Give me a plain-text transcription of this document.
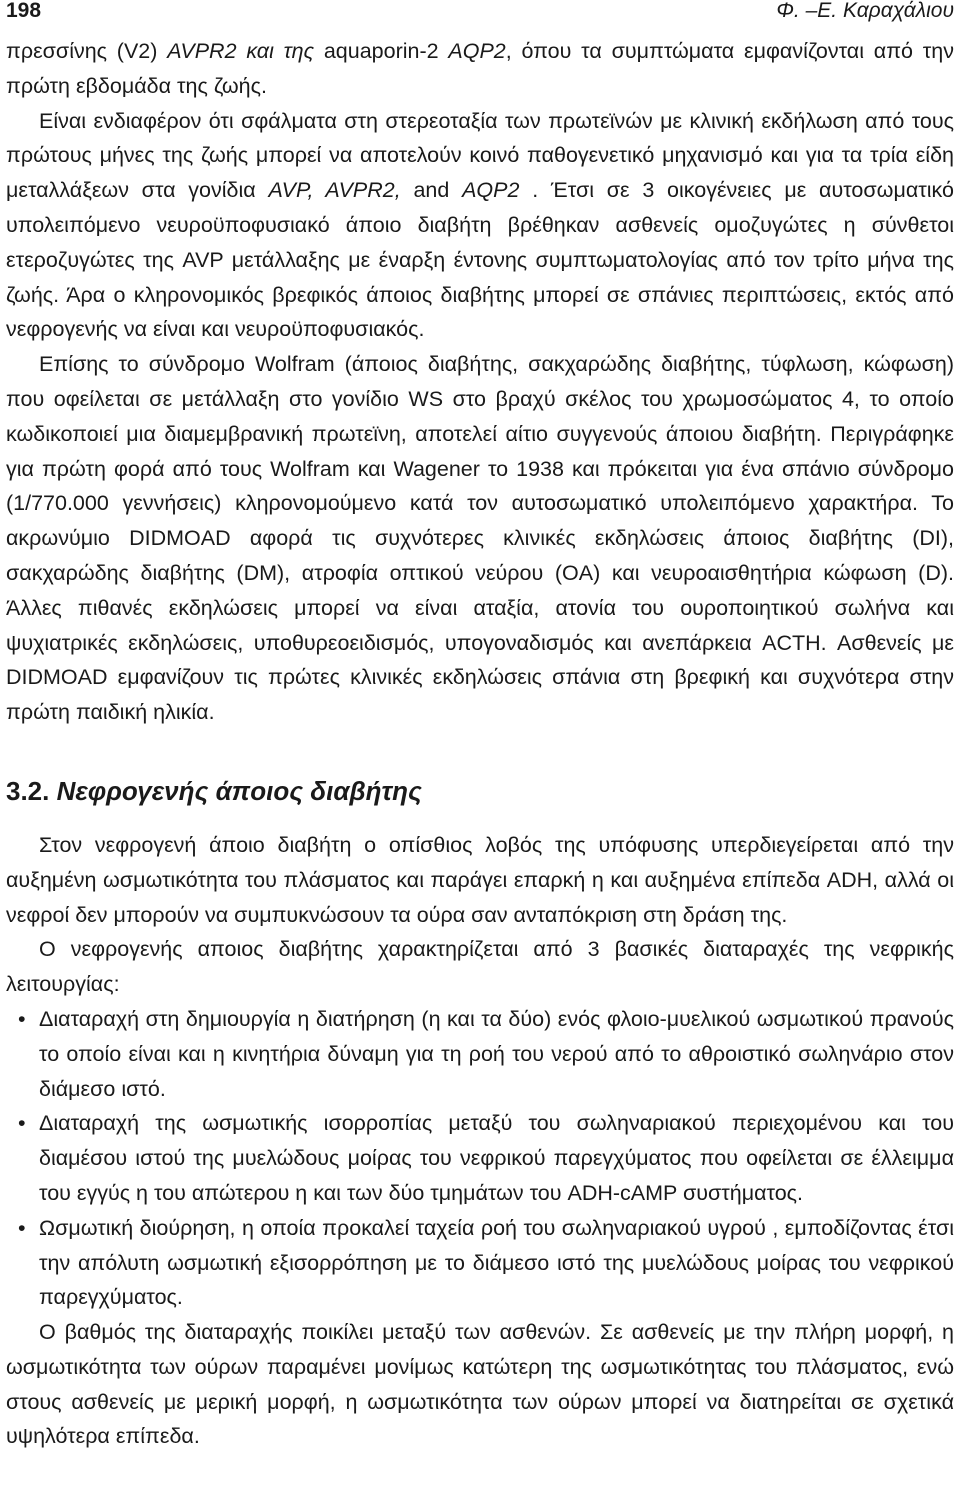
198	Φ. –Ε. Καραχάλιου

πρεσσίνης (V2) AVPR2 και της aquaporin-2 AQP2, όπου τα συμπτώματα εμφανίζονται από την πρώτη εβδομάδα της ζωής.

Είναι ενδιαφέρον ότι σφάλματα στη στερεοταξία των πρωτεϊνών με κλινική εκδήλωση από τους πρώτους μήνες της ζωής μπορεί να αποτελούν κοινό παθογενετικό μηχανισμό και για τα τρία είδη μεταλλάξεων στα γονίδια AVP, AVPR2, and AQP2 . Έτσι σε 3 οικογένειες με αυτοσωματικό υπολειπόμενο νευροϋποφυσιακό άποιο διαβήτη βρέθηκαν ασθενείς ομοζυγώτες η σύνθετοι ετεροζυγώτες της AVP μετάλλαξης με έναρξη έντονης συμπτωματολογίας από τον τρίτο μήνα της ζωής. Άρα ο κληρονομικός βρεφικός άποιος διαβήτης μπορεί σε σπάνιες περιπτώσεις, εκτός από νεφρογενής να είναι και νευροϋποφυσιακός.

Επίσης το σύνδρομο Wolfram (άποιος διαβήτης, σακχαρώδης διαβήτης, τύφλωση, κώφωση) που οφείλεται σε μετάλλαξη στο γονίδιο WS στο βραχύ σκέλος του χρωμοσώματος 4, το οποίο κωδικοποιεί μια διαμεμβρανική πρωτεϊνη, αποτελεί αίτιο συγγενούς άποιου διαβήτη. Περιγράφηκε για πρώτη φορά από τους Wolfram και Wagener το 1938 και πρόκειται για ένα σπάνιο σύνδρομο (1/770.000 γεννήσεις) κληρονομούμενο κατά τον αυτοσωματικό υπολειπόμενο χαρακτήρα. Το ακρωνύμιο DIDMOAD αφορά τις συχνότερες κλινικές εκδηλώσεις άποιος διαβήτης (DI), σακχαρώδης διαβήτης (DM), ατροφία οπτικού νεύρου (OA) και νευροαισθητήρια κώφωση (D). Άλλες πιθανές εκδηλώσεις μπορεί να είναι αταξία, ατονία του ουροποιητικού σωλήνα και ψυχιατρικές εκδηλώσεις, υποθυρεοειδισμός, υπογοναδισμός και ανεπάρκεια ACTH. Ασθενείς με DIDMOAD εμφανίζουν τις πρώτες κλινικές εκδηλώσεις σπάνια στη βρεφική και συχνότερα στην πρώτη παιδική ηλικία.

3.2. Νεφρογενής άποιος διαβήτης

Στον νεφρογενή άποιο διαβήτη ο οπίσθιος λοβός της υπόφυσης υπερδιεγείρεται από την αυξημένη ωσμωτικότητα του πλάσματος και παράγει επαρκή η και αυξημένα επίπεδα ADH, αλλά οι νεφροί δεν μπορούν να συμπυκνώσουν τα ούρα σαν ανταπόκριση στη δράση της.

Ο νεφρογενής αποιος διαβήτης χαρακτηρίζεται από 3 βασικές διαταραχές της νεφρικής λειτουργίας:

• Διαταραχή στη δημιουργία η διατήρηση (η και τα δύο) ενός φλοιο-μυελικού ωσμωτικού πρανούς το οποίο είναι και η κινητήρια δύναμη για τη ροή του νερού από το αθροιστικό σωληνάριο στον διάμεσο ιστό.
• Διαταραχή της ωσμωτικής ισορροπίας μεταξύ του σωληναριακού περιεχομένου και του διαμέσου ιστού της μυελώδους μοίρας του νεφρικού παρεγχύματος που οφείλεται σε έλλειμμα του εγγύς η του απώτερου η και των δύο τμημάτων του ADH-cAMP συστήματος.
• Ωσμωτική διούρηση, η οποία προκαλεί ταχεία ροή του σωληναριακού υγρού , εμποδίζοντας έτσι την απόλυτη ωσμωτική εξισορρόπηση με το διάμεσο ιστό της μυελώδους μοίρας του νεφρικού παρεγχύματος.

Ο βαθμός της διαταραχής ποικίλει μεταξύ των ασθενών. Σε ασθενείς με την πλήρη μορφή, η ωσμωτικότητα των ούρων παραμένει μονίμως κατώτερη της ωσμωτικότητας του πλάσματος, ενώ στους ασθενείς με μερική μορφή, η ωσμωτικότητα των ούρων μπορεί να διατηρείται σε σχετικά υψηλότερα επίπεδα.
